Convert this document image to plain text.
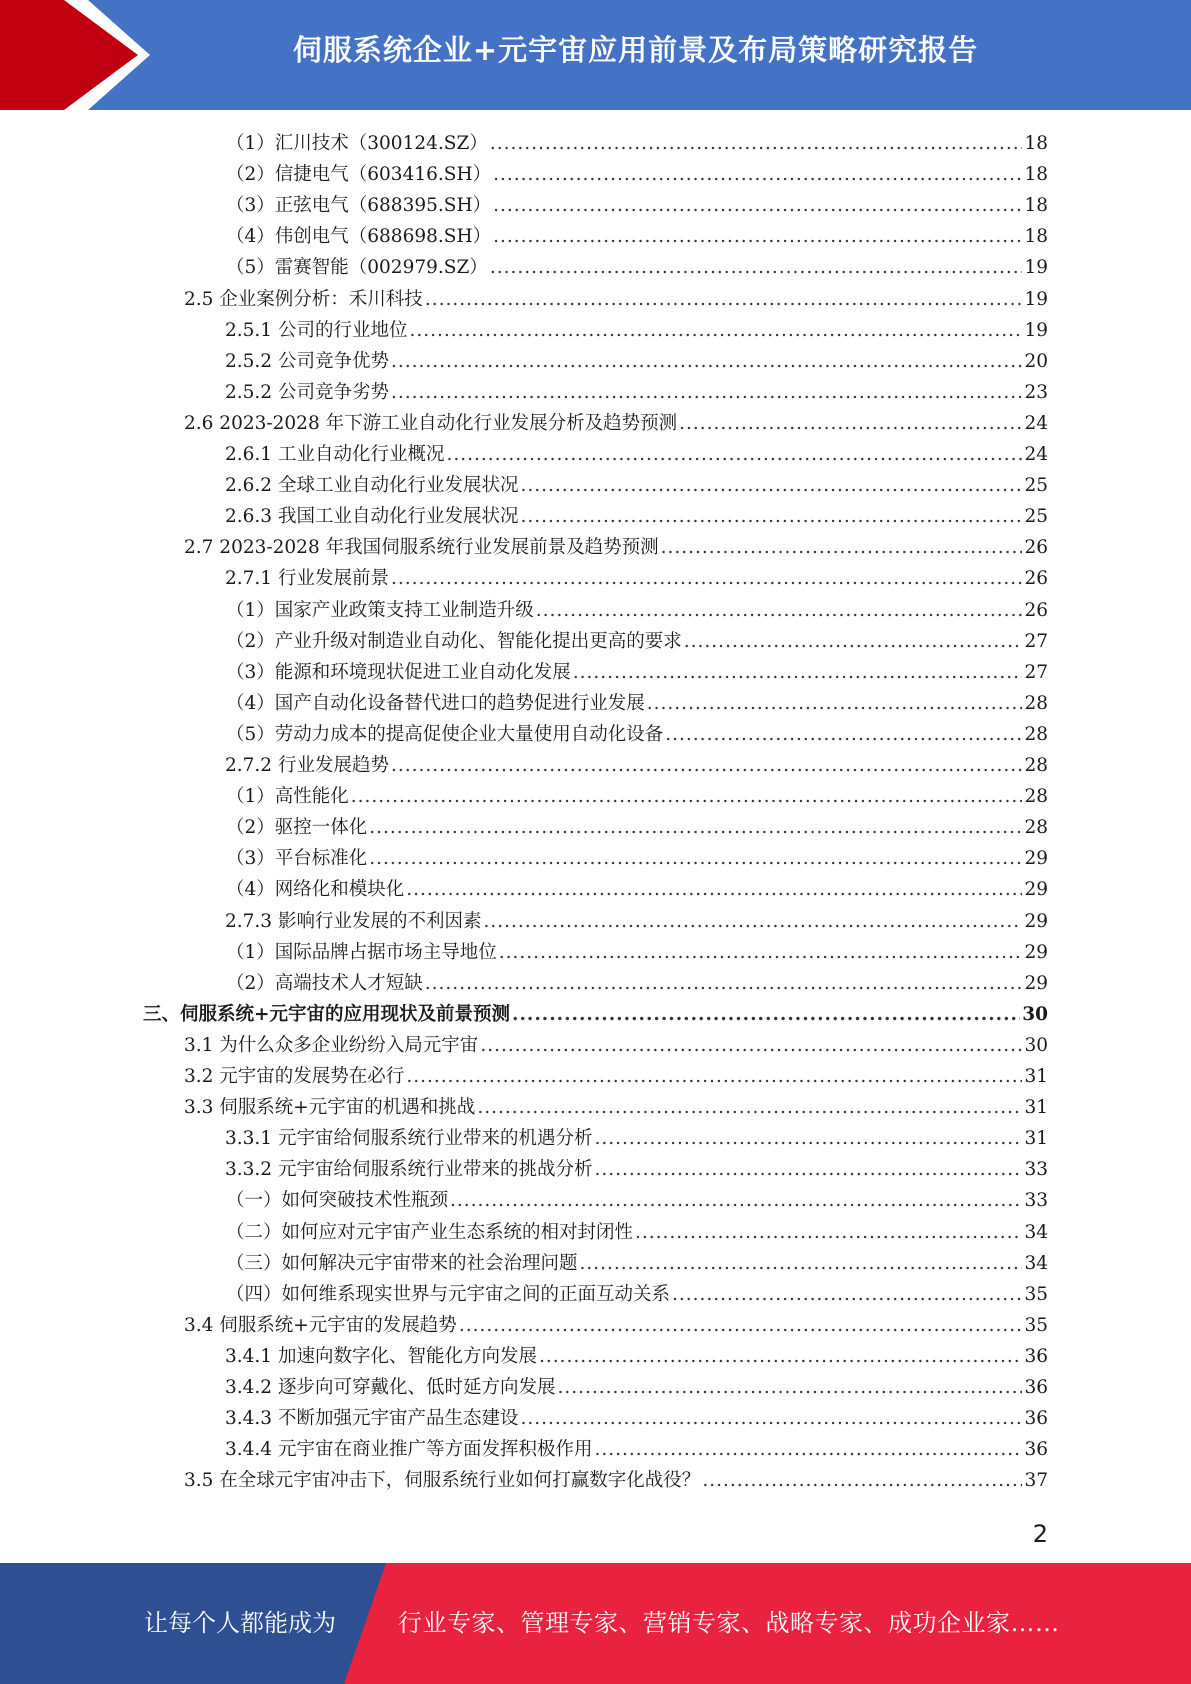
伺服系统企业+元宇宙应用前景及布局策略研究报告
（1）汇川技术（300124.SZ） .....	18
（2）信捷电气（603416.SH） .....	18
（3）正弦电气（688395.SH） .....	18
（4）伟创电气（688698.SH） .....	18
（5）雷赛智能（002979.SZ） .....	19
2.5 企业案例分析：禾川科技 .....	19
2.5.1 公司的行业地位 .....	19
2.5.2 公司竞争优势 .....	20
2.5.2 公司竞争劣势 .....	23
2.6 2023-2028 年下游工业自动化行业发展分析及趋势预测 .....	24
2.6.1 工业自动化行业概况 .....	24
2.6.2 全球工业自动化行业发展状况 .....	25
2.6.3 我国工业自动化行业发展状况 .....	25
2.7 2023-2028 年我国伺服系统行业发展前景及趋势预测 .....	26
2.7.1 行业发展前景 .....	26
（1）国家产业政策支持工业制造升级 .....	26
（2）产业升级对制造业自动化、智能化提出更高的要求 .....	27
（3）能源和环境现状促进工业自动化发展 .....	27
（4）国产自动化设备替代进口的趋势促进行业发展 .....	28
（5）劳动力成本的提高促使企业大量使用自动化设备 .....	28
2.7.2 行业发展趋势 .....	28
（1）高性能化 .....	28
（2）驱控一体化 .....	28
（3）平台标准化 .....	29
（4）网络化和模块化 .....	29
2.7.3 影响行业发展的不利因素 .....	29
（1）国际品牌占据市场主导地位 .....	29
（2）高端技术人才短缺 .....	29
三、伺服系统+元宇宙的应用现状及前景预测 .....	30
3.1 为什么众多企业纷纷入局元宇宙 .....	30
3.2 元宇宙的发展势在必行 .....	31
3.3 伺服系统+元宇宙的机遇和挑战 .....	31
3.3.1 元宇宙给伺服系统行业带来的机遇分析 .....	31
3.3.2 元宇宙给伺服系统行业带来的挑战分析 .....	33
（一）如何突破技术性瓶颈 .....	33
（二）如何应对元宇宙产业生态系统的相对封闭性 .....	34
（三）如何解决元宇宙带来的社会治理问题 .....	34
（四）如何维系现实世界与元宇宙之间的正面互动关系 .....	35
3.4 伺服系统+元宇宙的发展趋势 .....	35
3.4.1 加速向数字化、智能化方向发展 .....	36
3.4.2 逐步向可穿戴化、低时延方向发展 .....	36
3.4.3 不断加强元宇宙产品生态建设 .....	36
3.4.4 元宇宙在商业推广等方面发挥积极作用 .....	36
3.5 在全球元宇宙冲击下，伺服系统行业如何打赢数字化战役？ .....	37
2
让每个人都能成为	行业专家、管理专家、营销专家、战略专家、成功企业家……
